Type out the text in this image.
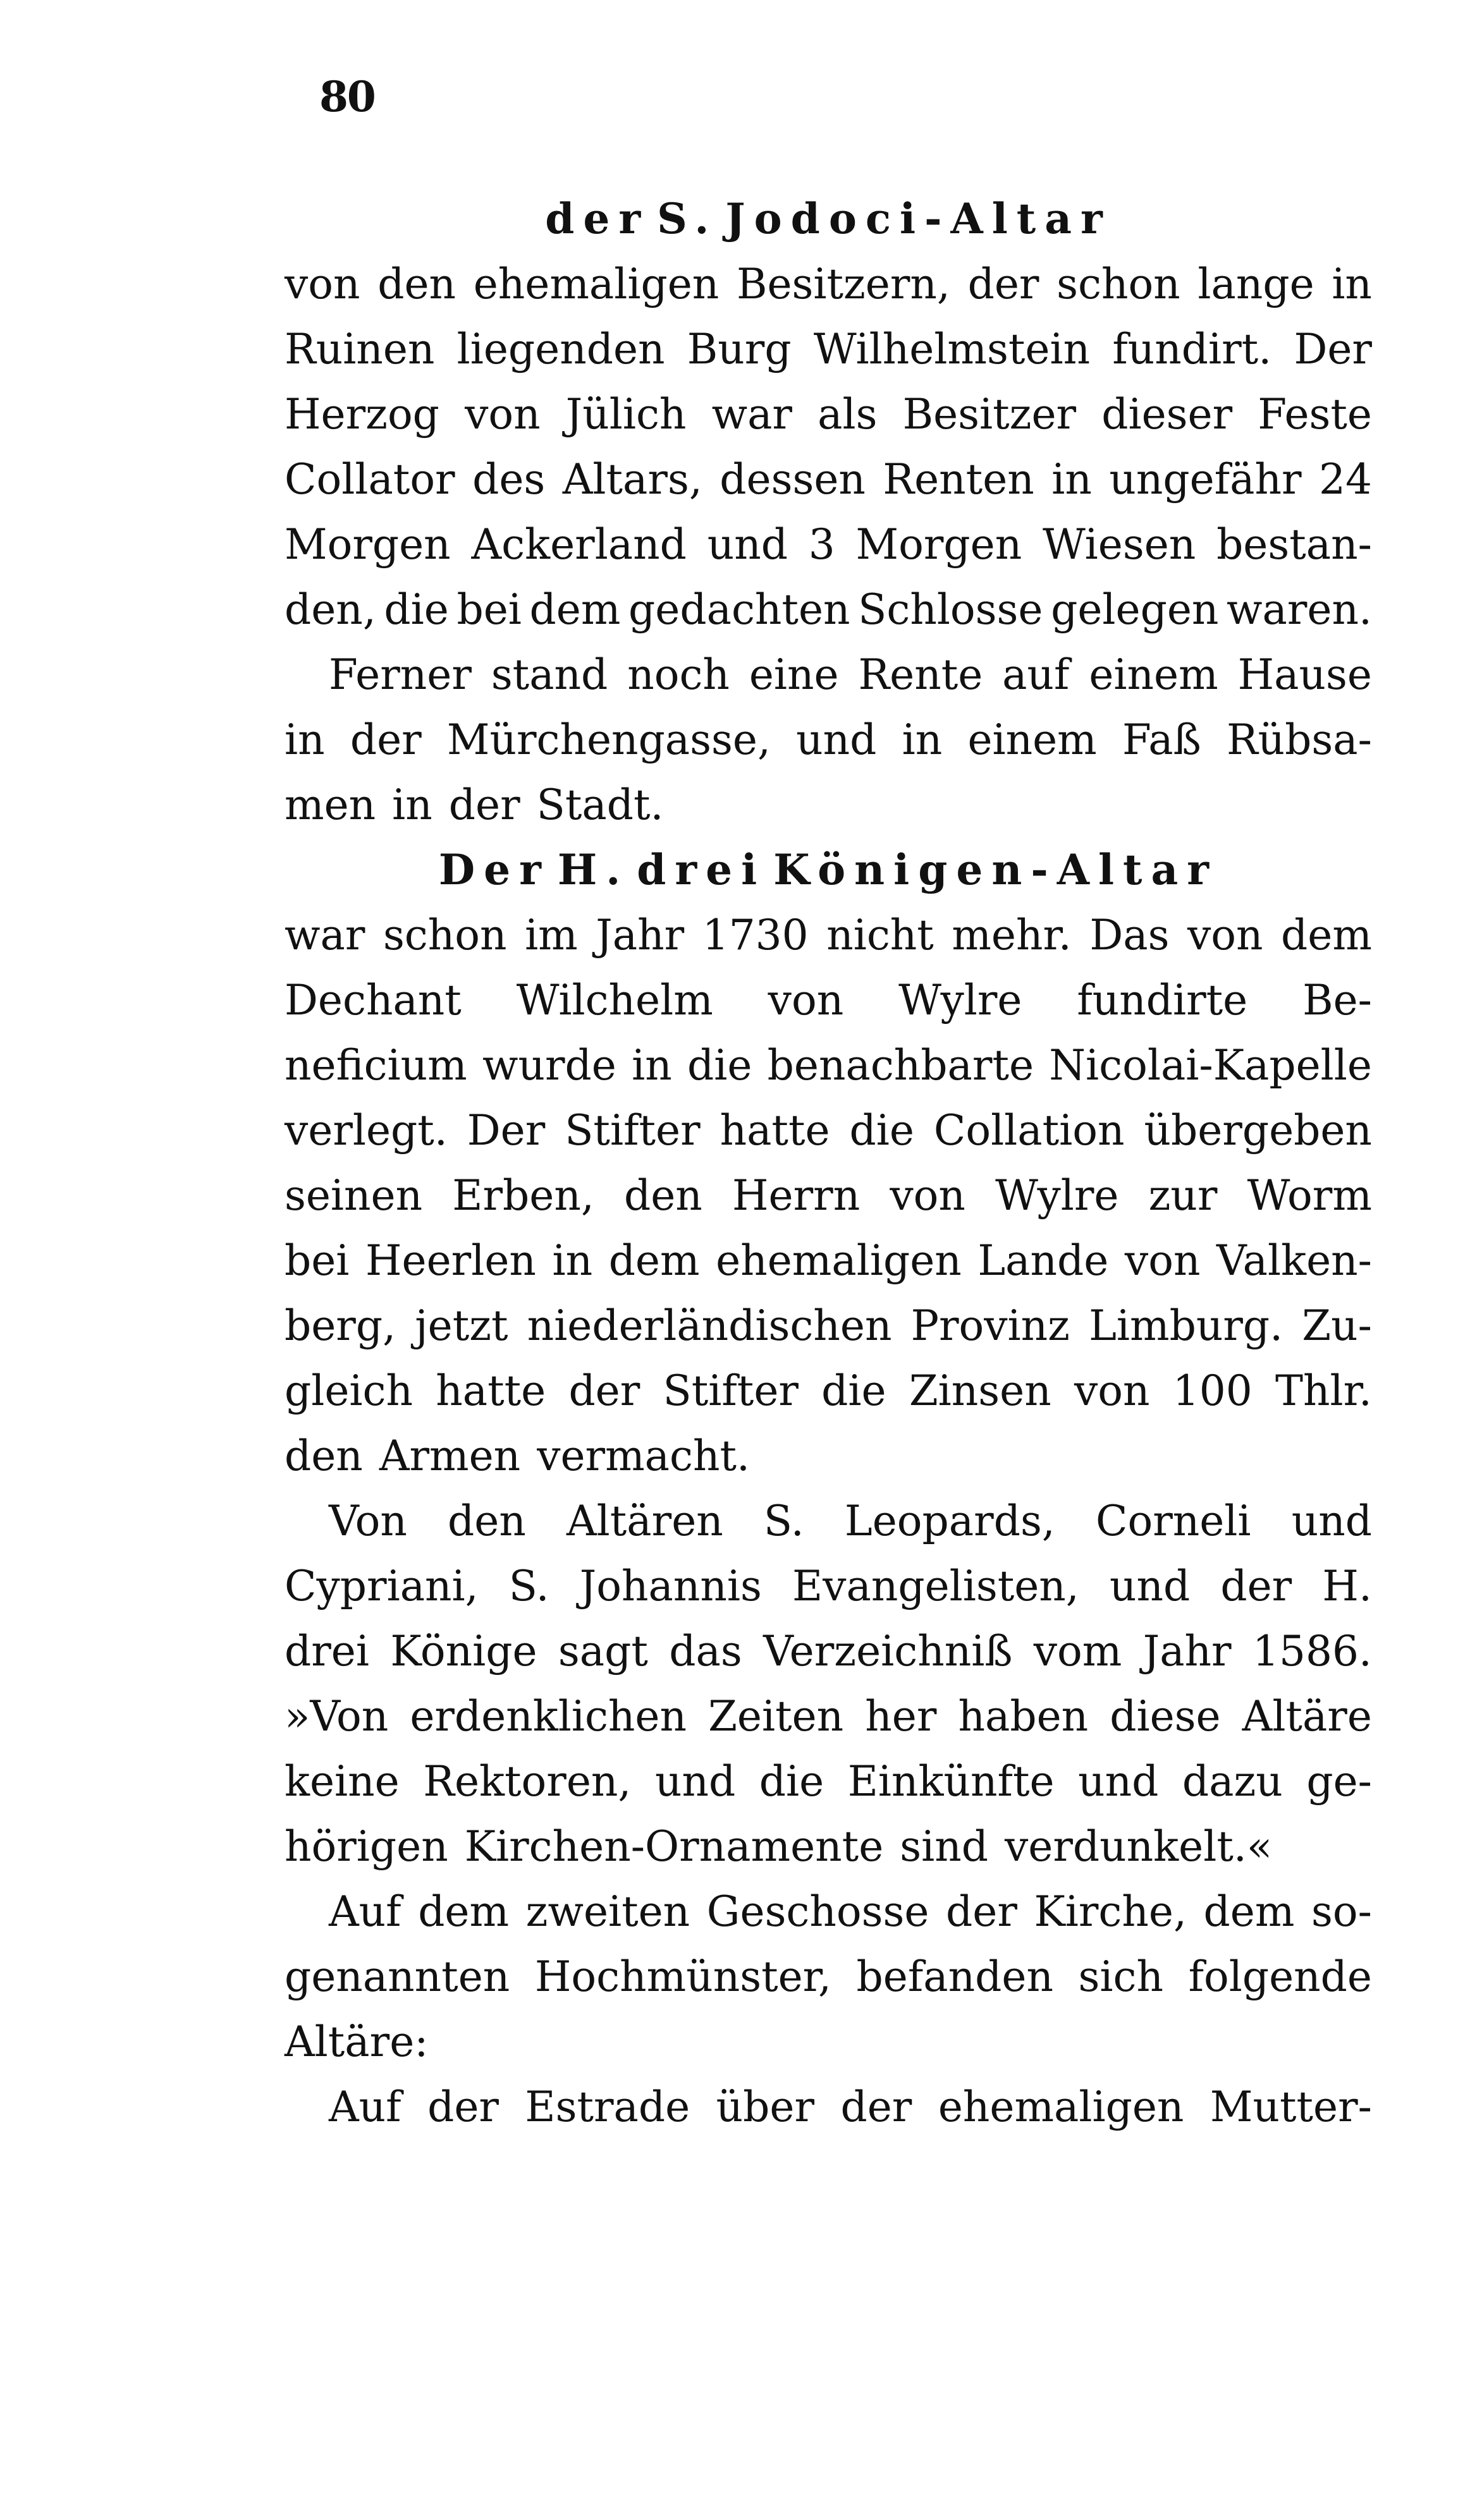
80
der S. Jodoci-Altar
von den ehemaligen Besitzern, der schon lange in
Ruinen liegenden Burg Wilhelmstein fundirt. Der
Herzog von Jülich war als Besitzer dieser Feste
Collator des Altars, dessen Renten in ungefähr 24
Morgen Ackerland und 3 Morgen Wiesen bestan-
den, die bei dem gedachten Schlosse gelegen waren.
Ferner stand noch eine Rente auf einem Hause
in der Mürchengasse, und in einem Faß Rübsa-
men in der Stadt.
Der H. drei Königen-Altar
war schon im Jahr 1730 nicht mehr. Das von dem
Dechant Wilchelm von Wylre fundirte Be-
neficium wurde in die benachbarte Nicolai-Kapelle
verlegt. Der Stifter hatte die Collation übergeben
seinen Erben, den Herrn von Wylre zur Worm
bei Heerlen in dem ehemaligen Lande von Valken-
berg, jetzt niederländischen Provinz Limburg. Zu-
gleich hatte der Stifter die Zinsen von 100 Thlr.
den Armen vermacht.
Von den Altären S. Leopards, Corneli und
Cypriani, S. Johannis Evangelisten, und der H.
drei Könige sagt das Verzeichniß vom Jahr 1586.
»Von erdenklichen Zeiten her haben diese Altäre
keine Rektoren, und die Einkünfte und dazu ge-
hörigen Kirchen-Ornamente sind verdunkelt.«
Auf dem zweiten Geschosse der Kirche, dem so-
genannten Hochmünster, befanden sich folgende
Altäre:
Auf der Estrade über der ehemaligen Mutter-
